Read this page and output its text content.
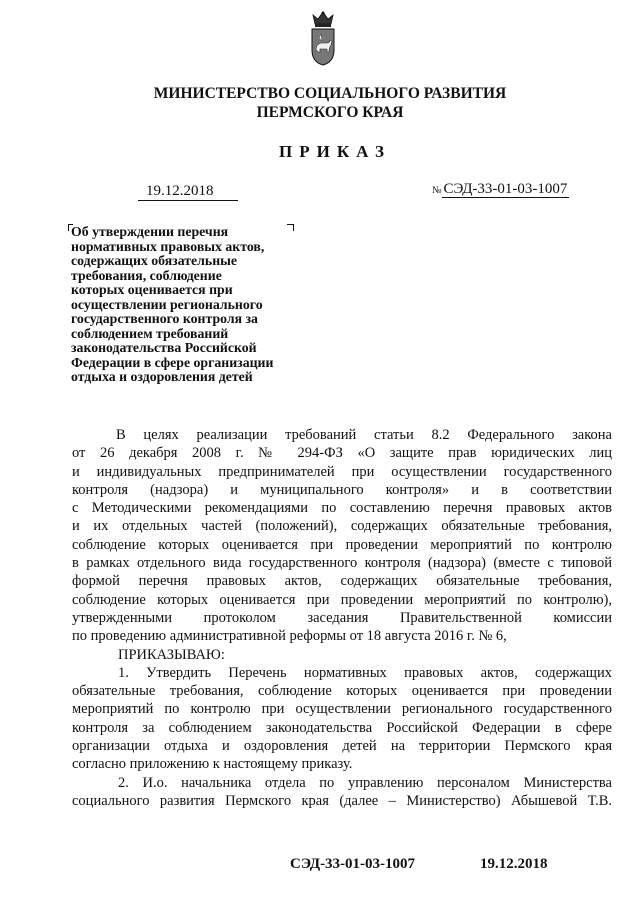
МИНИСТЕРСТВО СОЦИАЛЬНОГО РАЗВИТИЯ
ПЕРМСКОГО КРАЯ
ПРИКАЗ
19.12.2018	№ СЭД-33-01-03-1007
Об утверждении перечня
нормативных правовых актов,
содержащих обязательные
требования, соблюдение
которых оценивается при
осуществлении регионального
государственного контроля за
соблюдением требований
законодательства Российской
Федерации в сфере организации
отдыха и оздоровления детей
В целях реализации требований статьи 8.2 Федерального закона
от 26 декабря 2008 г. № 294-ФЗ «О защите прав юридических лиц
и индивидуальных предпринимателей при осуществлении государственного
контроля (надзора) и муниципального контроля» и в соответствии
с Методическими рекомендациями по составлению перечня правовых актов
и их отдельных частей (положений), содержащих обязательные требования,
соблюдение которых оценивается при проведении мероприятий по контролю
в рамках отдельного вида государственного контроля (надзора) (вместе с типовой
формой перечня правовых актов, содержащих обязательные требования,
соблюдение которых оценивается при проведении мероприятий по контролю),
утвержденными протоколом заседания Правительственной комиссии
по проведению административной реформы от 18 августа 2016 г. № 6,
ПРИКАЗЫВАЮ:
1. Утвердить Перечень нормативных правовых актов, содержащих
обязательные требования, соблюдение которых оценивается при проведении
мероприятий по контролю при осуществлении регионального государственного
контроля за соблюдением законодательства Российской Федерации в сфере
организации отдыха и оздоровления детей на территории Пермского края
согласно приложению к настоящему приказу.
2. И.о. начальника отдела по управлению персоналом Министерства
социального развития Пермского края (далее – Министерство) Абышевой Т.В.
СЭД-33-01-03-1007	19.12.2018
